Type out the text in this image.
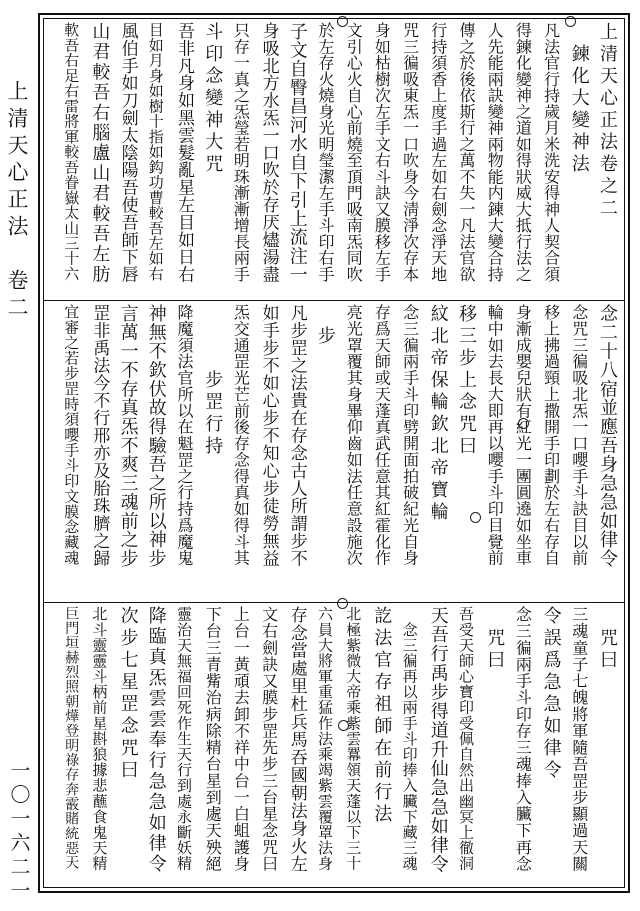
上清天心正法　卷二
一〇一六二一
上清天心正法卷之二
　鍊化大變神法
凡法官行持歲月米洗安得神人契合須
得鍊化變神之道如得狀威大抵行法之
人先能兩訣變神兩物能内鍊大變合持
傳之於後依斯行之萬不失一凡法官欲
行持須香上度手過左如右劍念淨天地
咒三徧吸東炁一口吹身今淸淨次存本
身如枯樹次左手文右斗訣又膜移左手
文引心火自心前燒至頂門吸南炁同吹
於左存火燒身光明瑩潔左手斗印右手
子文自臀昌河水自下引上流注一
身吸北方水炁一口吹於存厌燼湯盡
只存一真之炁瑩若明珠漸漸增長兩手
斗印念變神大咒
吾非凡身如黑雲髮亂星左目如日右
目如月身如樹十指如鈎功曹較吾左如右
風伯手如刀劍太陰陽吾使吾師下唇
山君較吾右腦盧山君較吾左肪
軟吾右足右雷將軍較吾眷嶽太山三十六
念二十八宿並應吾身急急如律令
念咒三徧吸北炁一口嚶手斗訣目以前
移上拂過頸上撒開手印劃於左右存自
身漸成嬰兒狀有紅光一團圓遶如坐車
輪中如去長大即再以嚶手斗印目覺前
移三步上念咒曰
紋北帝保輪欽北帝寶輪
念三徧兩手斗印劈開面拍破紀光自身
存爲天師或天蓬真武任意其紅霍化作
亮光罩覆其身畢仰齒如法任意設施次
　步
凡步罡之法貴在存念古人所謂步不
如手步不如心步不知心步徒勞無益
炁交通罡光芒前後存念得真如得斗其
　　　步罡行持
降魔須法官所以在魁罡之行持爲魔鬼
神無不欽伏故得驗吾之所以神步
言萬一不存真炁不爽三魂前之步
罡非禹法今不行邢亦及胎珠臍之歸
宜審之若步罡時須嚶手斗印文膜念藏魂
　咒曰
三魂童子七魄將軍隨吾罡步顯過天關
令誤爲急急如律令
念三徧兩手斗印存三魂捧入臟下再念
　咒曰
吾受天師心寶印受佩自然出幽冥上徹洞
天吾行禹步得道升仙急急如律令
　念三徧再以兩手斗印捧入臟下藏三魂
訖法官存祖師在前行法
北極紫微大帝乘紫雲羃領天蓬以下三十
六員大將軍重猛作法乘竭紫雲覆罩法身
存念當處里杜兵馬吞國朝法身火左
文右劍訣又膜步罡先步三台星念咒曰
上台一黃頑去卸不祥中台一白蛆護身
下台三青觜治病除精台星到處天殃絕
靈治天無福回死作生天行到處永斷妖精
降臨真炁雲雲奉行急急如律令
次步七星罡念咒曰
北斗靈靈斗柄前星斟狼據悲蘸食鬼天精
巨門垣赫烈照朝燁登明祿存奔霰賭統惡天
